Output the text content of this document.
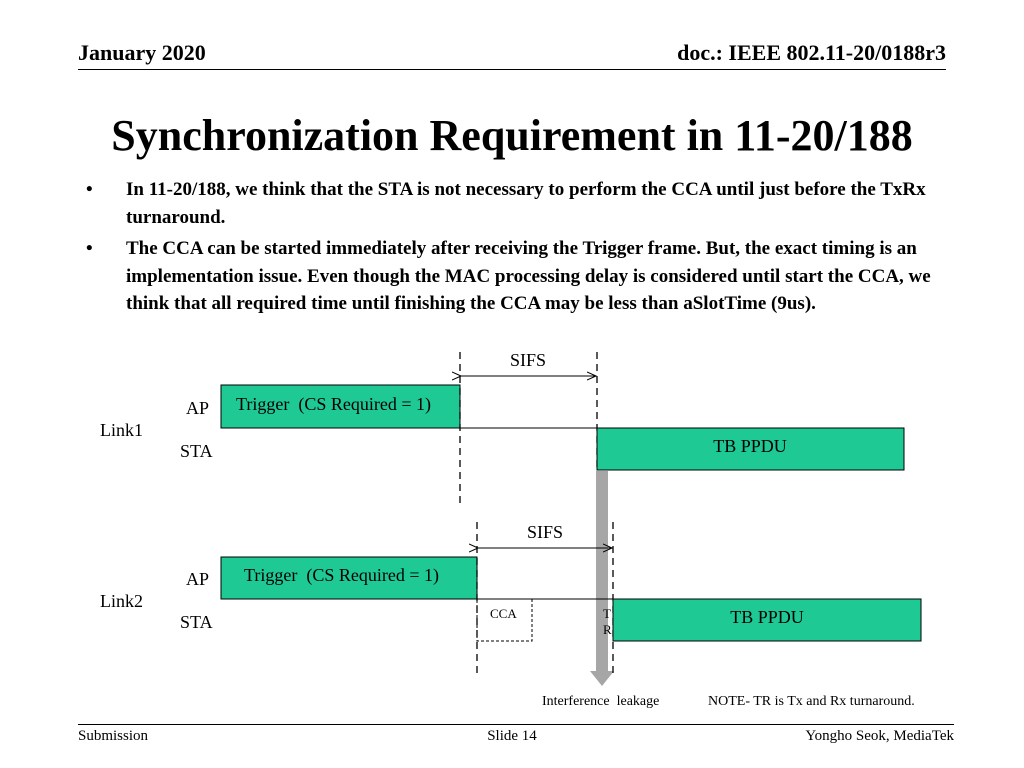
January 2020	doc.: IEEE 802.11-20/0188r3
Synchronization Requirement in 11-20/188
• In 11-20/188, we think that the STA is not necessary to perform the CCA until just before the TxRx turnaround.
• The CCA can be started immediately after receiving the Trigger frame. But, the exact timing is an implementation issue. Even though the MAC processing delay is considered until start the CCA, we think that all required time until finishing the CCA may be less than aSlotTime (9us).
Link1
AP
STA
Trigger  (CS Required = 1)
SIFS
TB PPDU
Link2
AP
STA
Trigger  (CS Required = 1)
SIFS
CCA	T
R
TB PPDU
Interference  leakage	NOTE- TR is Tx and Rx turnaround.
Submission	Slide 14	Yongho Seok, MediaTek
